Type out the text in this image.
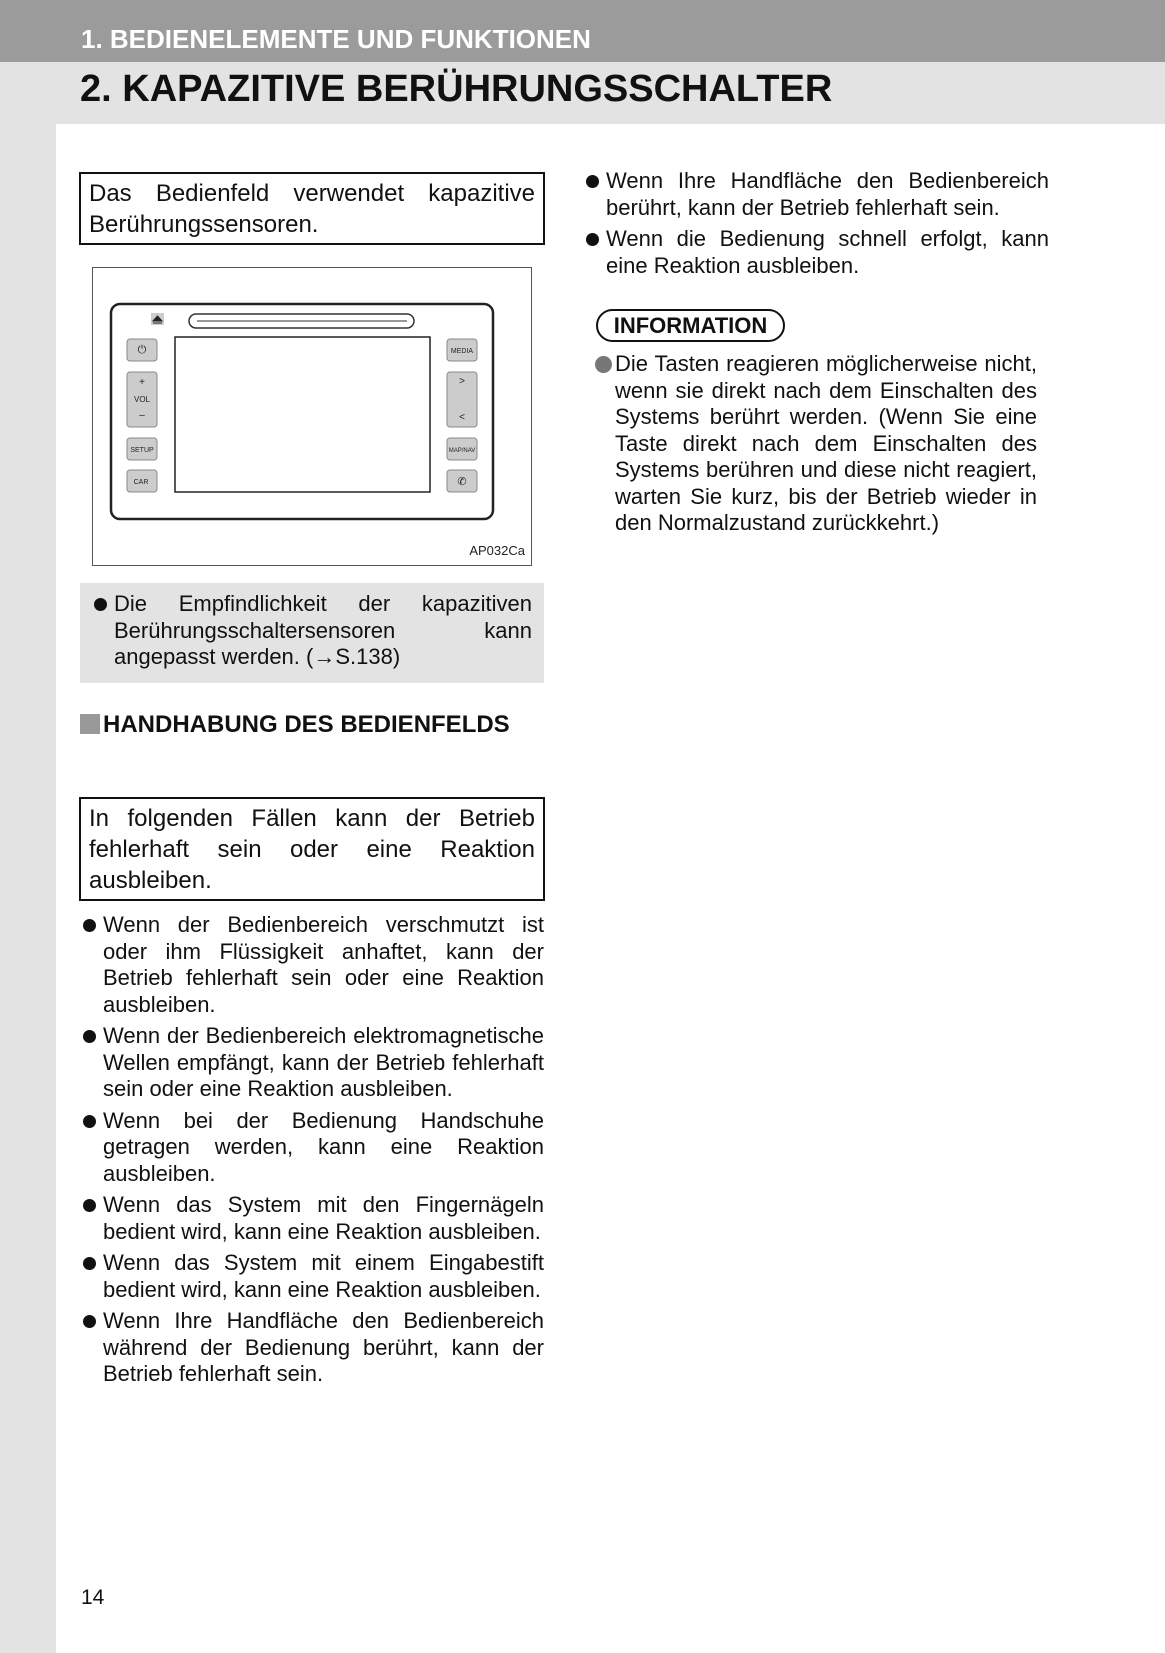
1. BEDIENELEMENTE UND FUNKTIONEN
2. KAPAZITIVE BERÜHRUNGSSCHALTER
Das Bedienfeld verwendet kapazitive Berührungssensoren.
⏻
+
VOL
–
SETUP
CAR
MEDIA
>
<
MAP/NAV
✆
AP032Ca
Die Empfindlichkeit der kapazitiven Berührungsschaltersensoren kann angepasst werden. (→S.138)
HANDHABUNG DES BEDIENFELDS
In folgenden Fällen kann der Betrieb fehlerhaft sein oder eine Reaktion ausbleiben.
Wenn der Bedienbereich verschmutzt ist oder ihm Flüssigkeit anhaftet, kann der Betrieb fehlerhaft sein oder eine Reaktion ausbleiben.
Wenn der Bedienbereich elektromagnetische Wellen empfängt, kann der Betrieb fehlerhaft sein oder eine Reaktion ausbleiben.
Wenn bei der Bedienung Handschuhe getragen werden, kann eine Reaktion ausbleiben.
Wenn das System mit den Fingernägeln bedient wird, kann eine Reaktion ausbleiben.
Wenn das System mit einem Eingabestift bedient wird, kann eine Reaktion ausbleiben.
Wenn Ihre Handfläche den Bedienbereich während der Bedienung berührt, kann der Betrieb fehlerhaft sein.
Wenn Ihre Handfläche den Bedienbereich berührt, kann der Betrieb fehlerhaft sein.
Wenn die Bedienung schnell erfolgt, kann eine Reaktion ausbleiben.
INFORMATION
Die Tasten reagieren möglicherweise nicht, wenn sie direkt nach dem Einschalten des Systems berührt werden. (Wenn Sie eine Taste direkt nach dem Einschalten des Systems berühren und diese nicht reagiert, warten Sie kurz, bis der Betrieb wieder in den Normalzustand zurückkehrt.)
14
